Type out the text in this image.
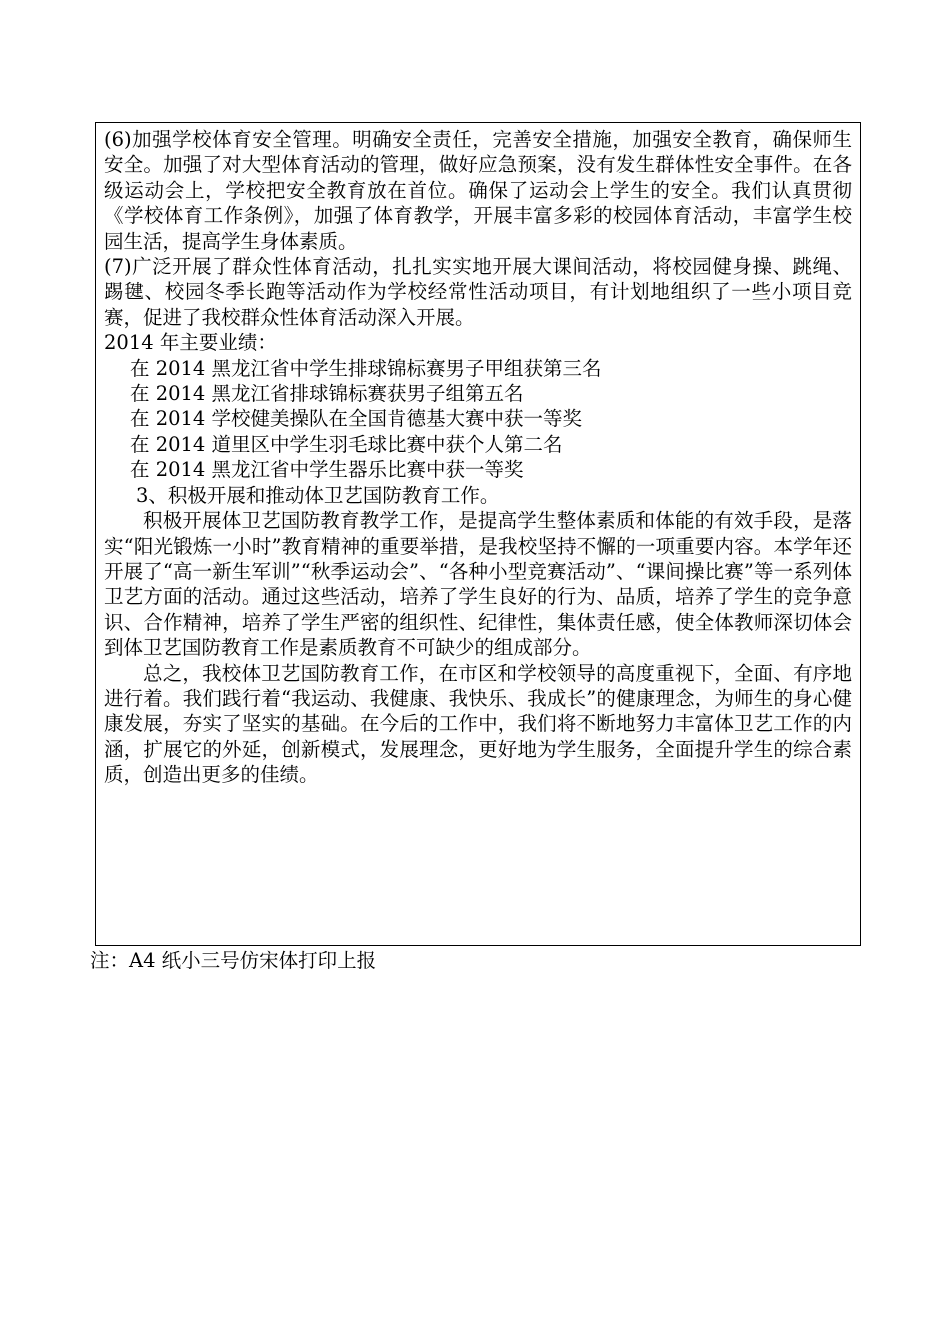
(6)加强学校体育安全管理。明确安全责任，完善安全措施，加强安全教育，确保师生安全。加强了对大型体育活动的管理，做好应急预案，没有发生群体性安全事件。在各级运动会上，学校把安全教育放在首位。确保了运动会上学生的安全。我们认真贯彻《学校体育工作条例》，加强了体育教学，开展丰富多彩的校园体育活动，丰富学生校园生活，提高学生身体素质。

(7)广泛开展了群众性体育活动，扎扎实实地开展大课间活动，将校园健身操、跳绳、踢毽、校园冬季长跑等活动作为学校经常性活动项目，有计划地组织了一些小项目竞赛，促进了我校群众性体育活动深入开展。

2014 年主要业绩：

在 2014 黑龙江省中学生排球锦标赛男子甲组获第三名

在 2014 黑龙江省排球锦标赛获男子组第五名

在 2014 学校健美操队在全国肯德基大赛中获一等奖

在 2014 道里区中学生羽毛球比赛中获个人第二名

在 2014 黑龙江省中学生器乐比赛中获一等奖

3、积极开展和推动体卫艺国防教育工作。

积极开展体卫艺国防教育教学工作，是提高学生整体素质和体能的有效手段，是落实“阳光锻炼一小时”教育精神的重要举措，是我校坚持不懈的一项重要内容。本学年还开展了“高一新生军训”“秋季运动会”、“各种小型竞赛活动”、“课间操比赛”等一系列体卫艺方面的活动。通过这些活动，培养了学生良好的行为、品质，培养了学生的竞争意识、合作精神，培养了学生严密的组织性、纪律性，集体责任感，使全体教师深切体会到体卫艺国防教育工作是素质教育不可缺少的组成部分。

总之，我校体卫艺国防教育工作，在市区和学校领导的高度重视下，全面、有序地进行着。我们践行着“我运动、我健康、我快乐、我成长”的健康理念，为师生的身心健康发展，夯实了坚实的基础。在今后的工作中，我们将不断地努力丰富体卫艺工作的内涵，扩展它的外延，创新模式，发展理念，更好地为学生服务，全面提升学生的综合素质，创造出更多的佳绩。

注：A4 纸小三号仿宋体打印上报
